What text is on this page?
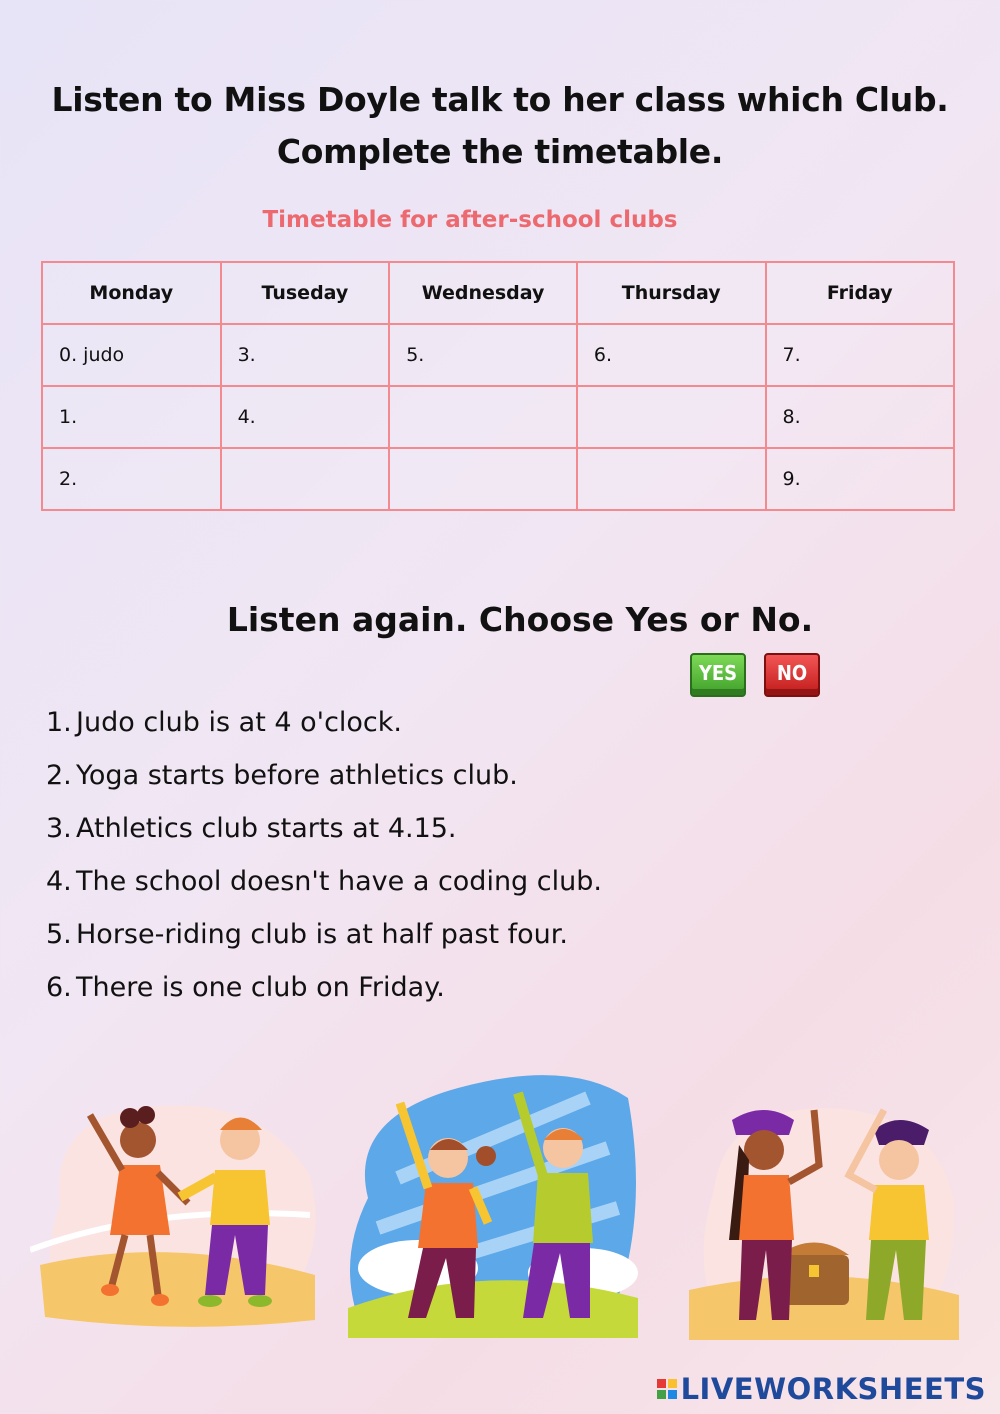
Listen to Miss Doyle talk to her class which Club.
Complete the timetable.
Timetable for after-school clubs
Monday	Tuseday	Wednesday	Thursday	Friday
0. judo	3.	5.	6.	7.
1.	4.			8.
2.				9.
Listen again. Choose Yes or No.
YES	NO
1. Judo club is at 4 o'clock.
2. Yoga starts before athletics club.
3. Athletics club starts at 4.15.
4. The school doesn't have a coding club.
5. Horse-riding club is at half past four.
6. There is one club on Friday.
LIVEWORKSHEETS
